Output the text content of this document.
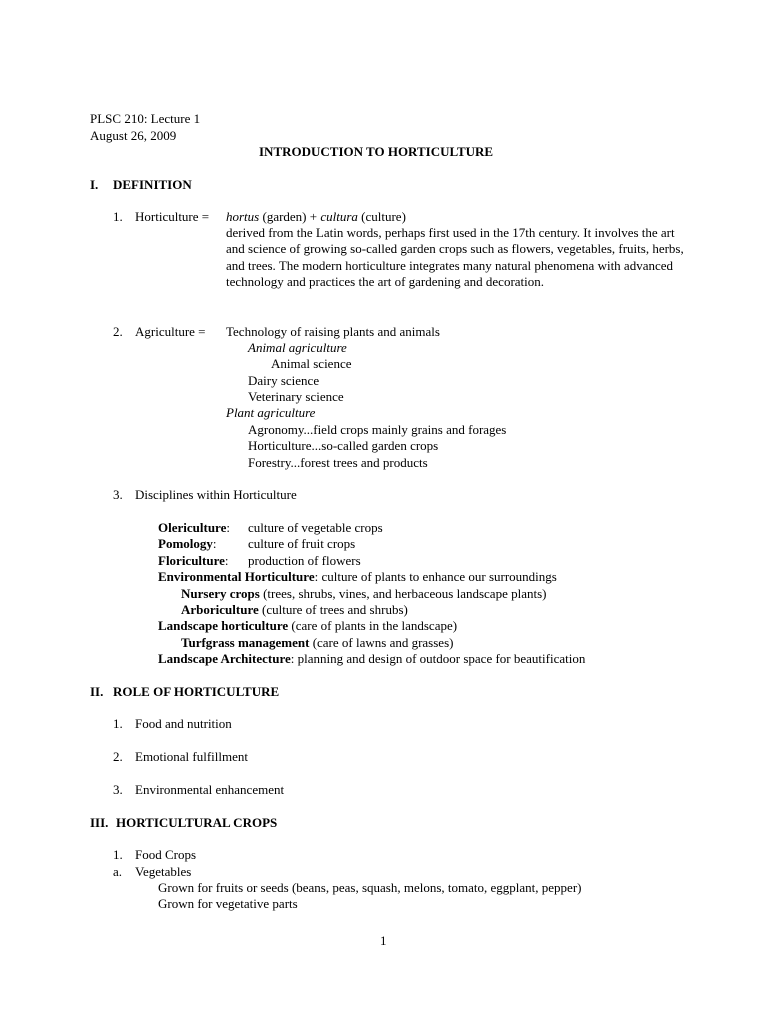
PLSC 210: Lecture 1
August 26, 2009
INTRODUCTION TO HORTICULTURE
I. DEFINITION
1. Horticulture = hortus (garden) + cultura (culture)
derived from the Latin words, perhaps first used in the 17th century. It involves the art and science of growing so-called garden crops such as flowers, vegetables, fruits, herbs, and trees. The modern horticulture integrates many natural phenomena with advanced technology and practices the art of gardening and decoration.
2. Agriculture = Technology of raising plants and animals
Animal agriculture
Animal science
Dairy science
Veterinary science
Plant agriculture
Agronomy...field crops mainly grains and forages
Horticulture...so-called garden crops
Forestry...forest trees and products
3. Disciplines within Horticulture
Olericulture: culture of vegetable crops
Pomology: culture of fruit crops
Floriculture: production of flowers
Environmental Horticulture: culture of plants to enhance our surroundings
Nursery crops (trees, shrubs, vines, and herbaceous landscape plants)
Arboriculture (culture of trees and shrubs)
Landscape horticulture (care of plants in the landscape)
Turfgrass management (care of lawns and grasses)
Landscape Architecture: planning and design of outdoor space for beautification
II. ROLE OF HORTICULTURE
1. Food and nutrition
2. Emotional fulfillment
3. Environmental enhancement
III. HORTICULTURAL CROPS
1. Food Crops
a. Vegetables
Grown for fruits or seeds (beans, peas, squash, melons, tomato, eggplant, pepper)
Grown for vegetative parts
1
